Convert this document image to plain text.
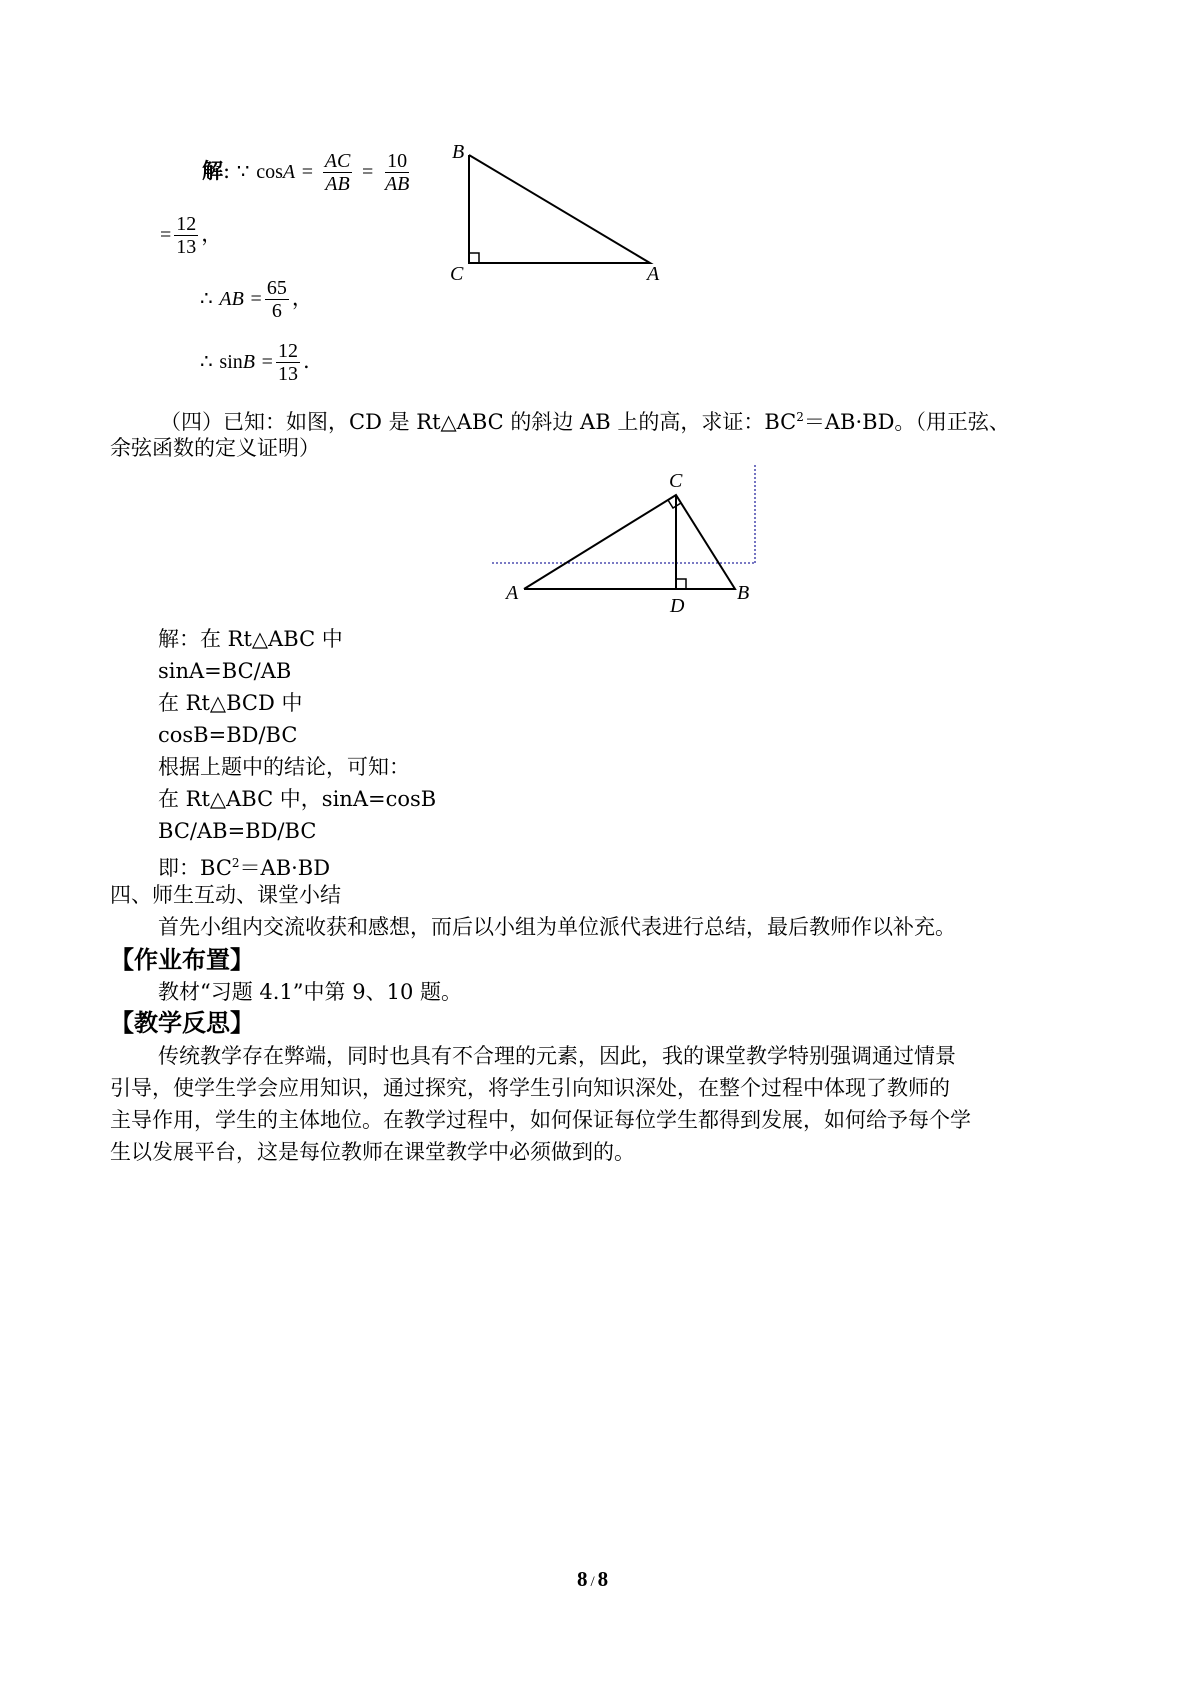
解: ∵ $\cos A = \frac{AC}{AB} = \frac{10}{AB}$
= $\frac{12}{13}$ ，
∴ AB = $\frac{65}{6}$ ，
∴ $\sin B = \frac{12}{13}$ .
B
C	A
（四）已知：如图，CD 是 Rt△ABC 的斜边 AB 上的高，求证：$BC^2=AB\cdot BD$。（用正弦、
余弦函数的定义证明）
C
A
D
B
解：在 Rt△ABC 中
sinA=BC/AB
在 Rt△BCD 中
cosB=BD/BC
根据上题中的结论，可知：
在 Rt△ABC 中，sinA=cosB
BC/AB=BD/BC
即：$BC^2=AB\cdot BD$
四、师生互动、课堂小结
首先小组内交流收获和感想，而后以小组为单位派代表进行总结，最后教师作以补充。
【作业布置】
教材“习题 4.1”中第 9、10 题。
【教学反思】
传统教学存在弊端，同时也具有不合理的元素，因此，我的课堂教学特别强调通过情景
引导，使学生学会应用知识，通过探究，将学生引向知识深处，在整个过程中体现了教师的
主导作用，学生的主体地位。在教学过程中，如何保证每位学生都得到发展，如何给予每个学
生以发展平台，这是每位教师在课堂教学中必须做到的。
8 / 8
